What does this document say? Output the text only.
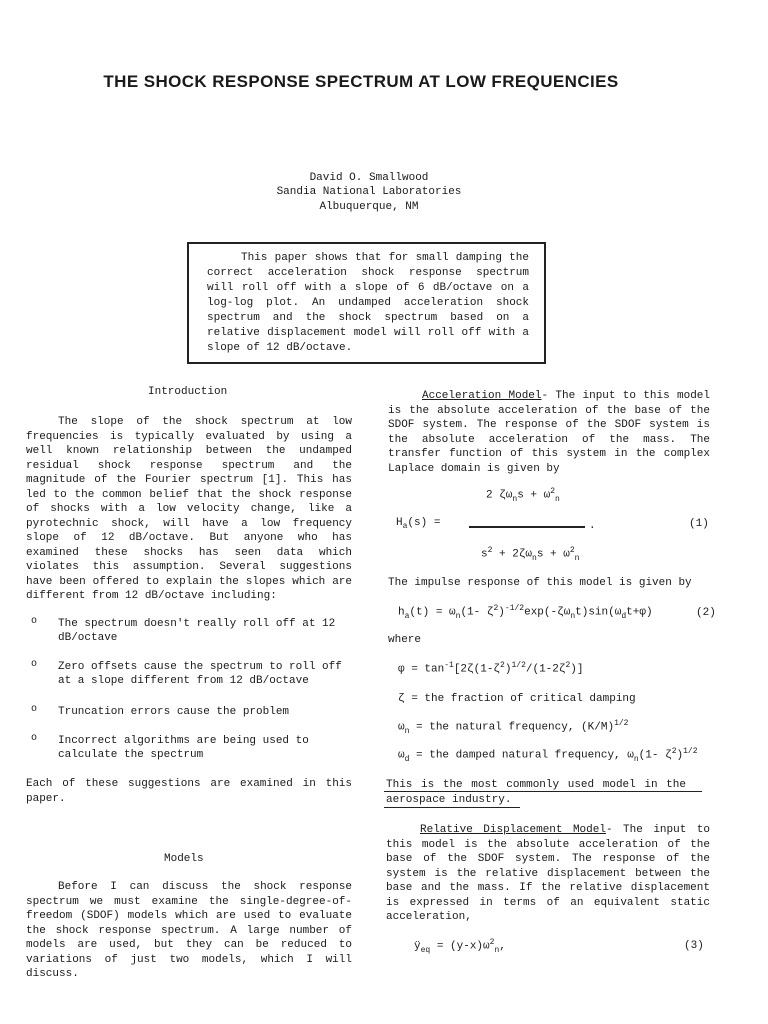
THE SHOCK RESPONSE SPECTRUM AT LOW FREQUENCIES
David O. Smallwood
Sandia National Laboratories
Albuquerque, NM

This paper shows that for small damping the correct acceleration shock response spectrum will roll off with a slope of 6 dB/octave on a log-log plot. An undamped acceleration shock spectrum and the shock spectrum based on a relative displacement model will roll off with a slope of 12 dB/octave.

Introduction

The slope of the shock spectrum at low frequencies is typically evaluated by using a well known relationship between the undamped residual shock response spectrum and the magnitude of the Fourier spectrum [1]. This has led to the common belief that the shock response of shocks with a low velocity change, like a pyrotechnic shock, will have a low frequency slope of 12 dB/octave. But anyone who has examined these shocks has seen data which violates this assumption. Several suggestions have been offered to explain the slopes which are different from 12 dB/octave including:

o The spectrum doesn't really roll off at 12 dB/octave
o Zero offsets cause the spectrum to roll off at a slope different from 12 dB/octave
o Truncation errors cause the problem
o Incorrect algorithms are being used to calculate the spectrum

Each of these suggestions are examined in this paper.

Models

Before I can discuss the shock response spectrum we must examine the single-degree-of-freedom (SDOF) models which are used to evaluate the shock response spectrum. A large number of models are used, but they can be reduced to variations of just two models, which I will discuss.

Acceleration Model- The input to this model is the absolute acceleration of the base of the SDOF system. The response of the SDOF system is the absolute acceleration of the mass. The transfer function of this system in the complex Laplace domain is given by

2 $\zeta\omega_ns + \omega^2_n$
$H_a(s)$ =	.	(1)
$s^2 + 2\zeta\omega_ns + \omega^2_n$

The impulse response of this model is given by

$h_a(t) = \omega_n(1-$ $\zeta^2)^{-1/2}\exp(-\zeta\omega_nt)\sin(\omega_dt+\varphi)$	(2)
where
$\varphi = \tan^{-1}[2\zeta(1-\zeta^2)^{1/2}/(1-2\zeta^2)]$
ζ = the fraction of critical damping
$\omega_n$ = the natural frequency, $(K/M)^{1/2}$
$\omega_d$ = the damped natural frequency, $\omega_n(1-$ $\zeta^2)^{1/2}$

This is the most commonly used model in the aerospace industry.

Relative Displacement Model- The input to this model is the absolute acceleration of the base of the SDOF system. The response of the system is the relative displacement between the base and the mass. If the relative displacement is expressed in terms of an equivalent static acceleration,

$ÿ_{eq} = (y-x)\omega^2_n$,	(3)
